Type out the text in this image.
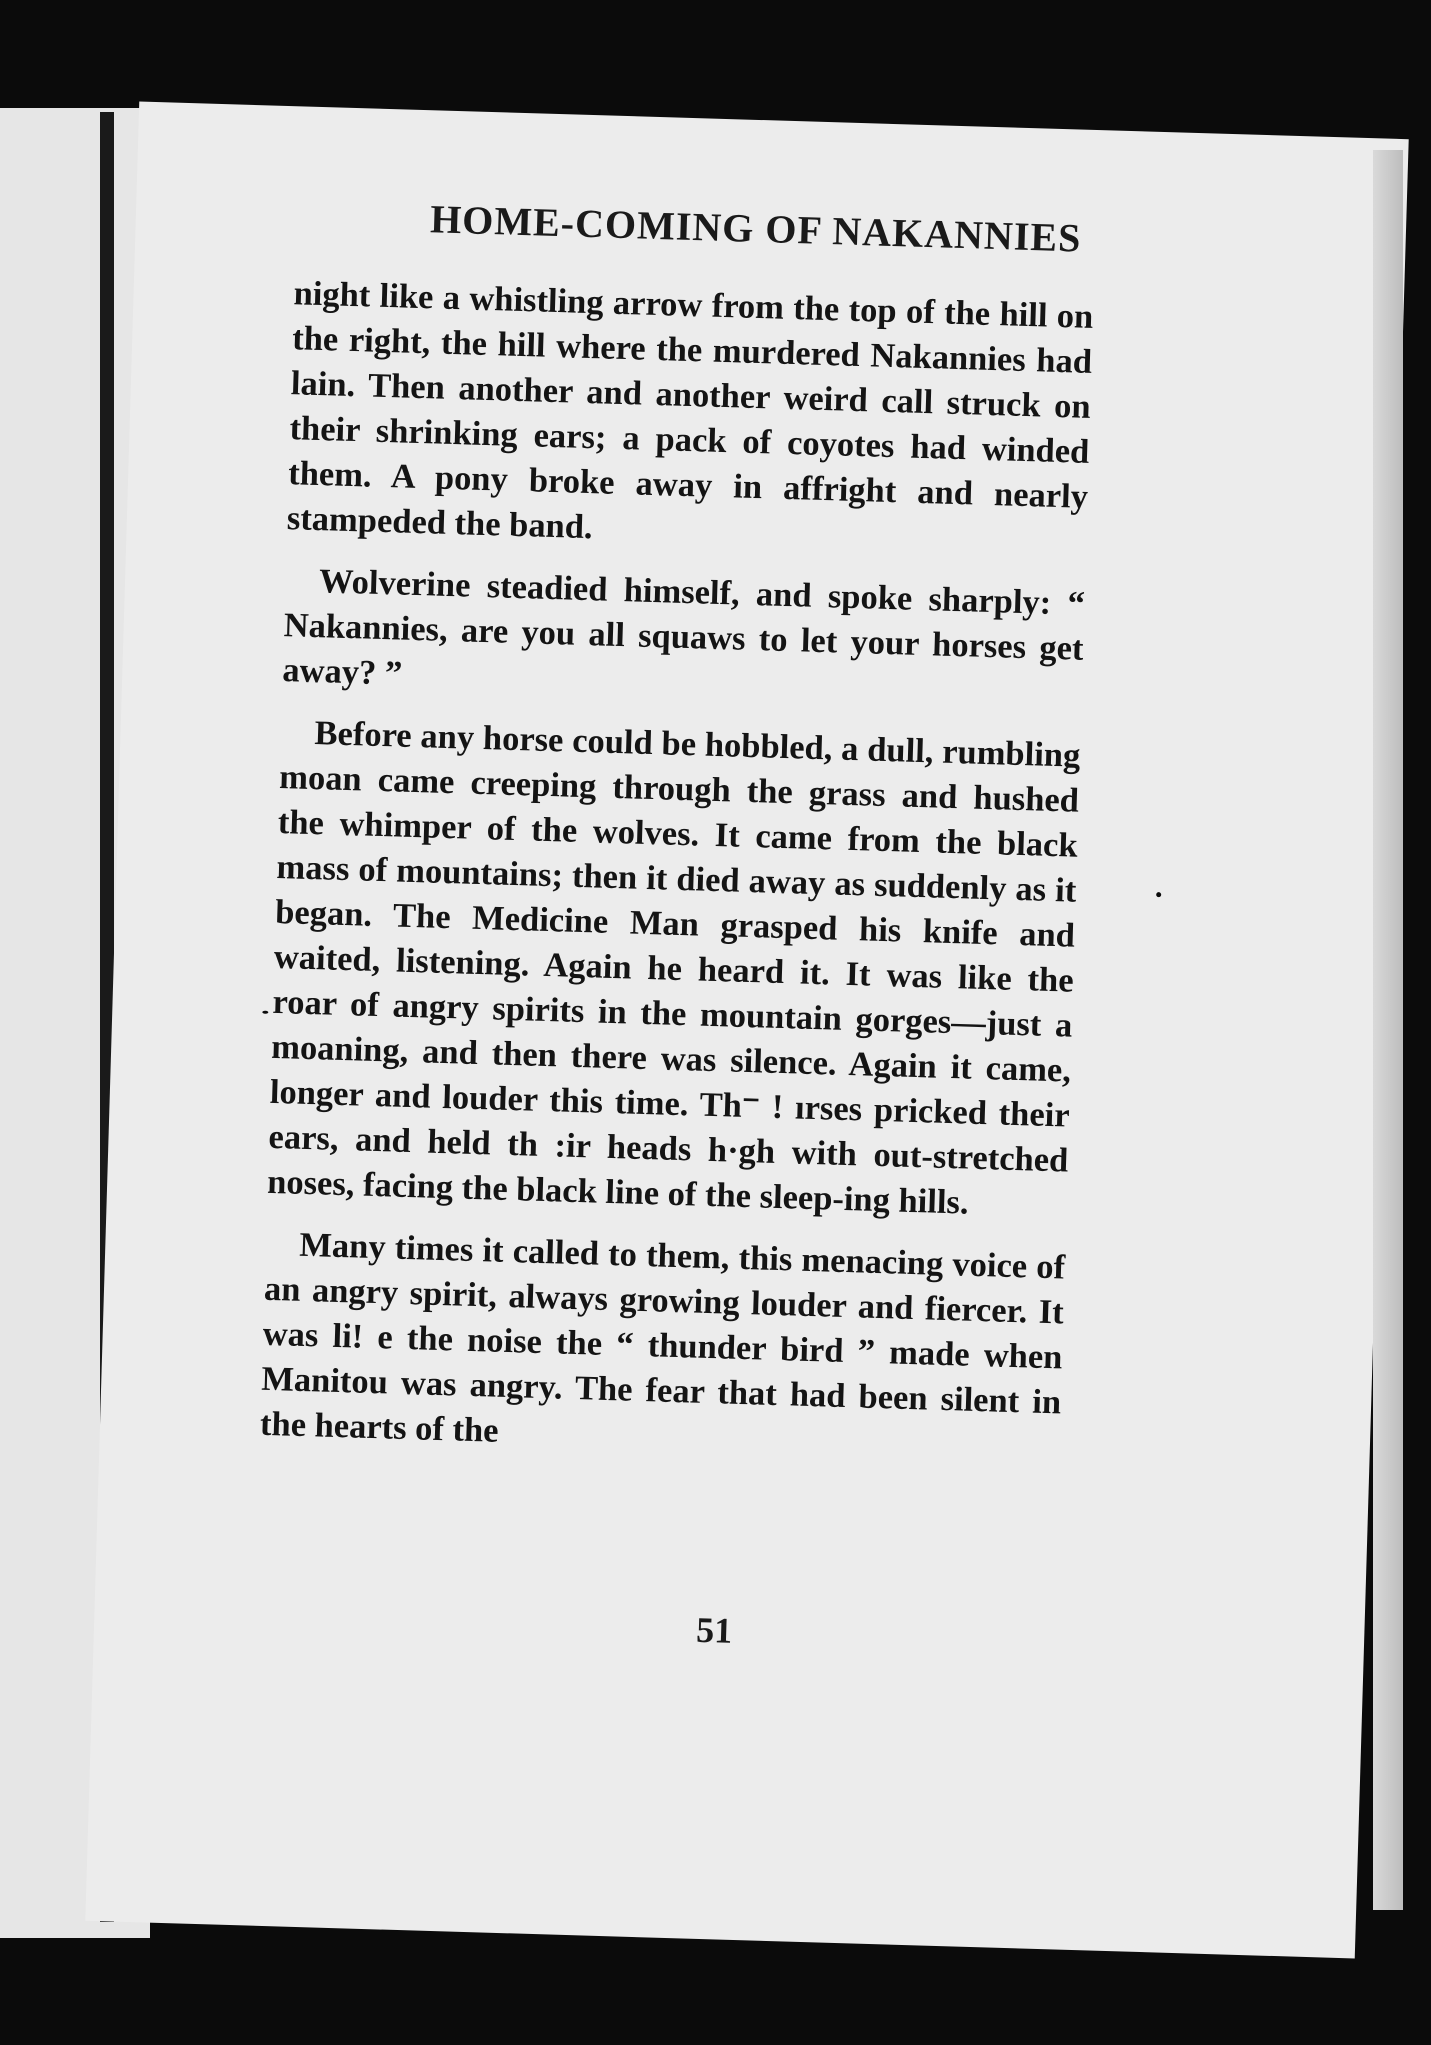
HOME-COMING OF NAKANNIES

night like a whistling arrow from the top of the hill on the right, the hill where the murdered Nakannies had lain. Then another and another weird call struck on their shrinking ears; a pack of coyotes had winded them. A pony broke away in affright and nearly stampeded the band.

Wolverine steadied himself, and spoke sharply: “ Nakannies, are you all squaws to let your horses get away? ”

Before any horse could be hobbled, a dull, rumbling moan came creeping through the grass and hushed the whimper of the wolves. It came from the black mass of mountains; then it died away as suddenly as it began. The Medicine Man grasped his knife and waited, listening. Again he heard it. It was like the roar of angry spirits in the mountain gorges—just a moaning, and then there was silence. Again it came, longer and louder this time. Th⁻ ! ırses pricked their ears, and held th :ir heads h·gh with out-stretched noses, facing the black line of the sleep-ing hills.

Many times it called to them, this menacing voice of an angry spirit, always growing louder and fiercer. It was li! e the noise the “ thunder bird ” made when Manitou was angry. The fear that had been silent in the hearts of the

51
